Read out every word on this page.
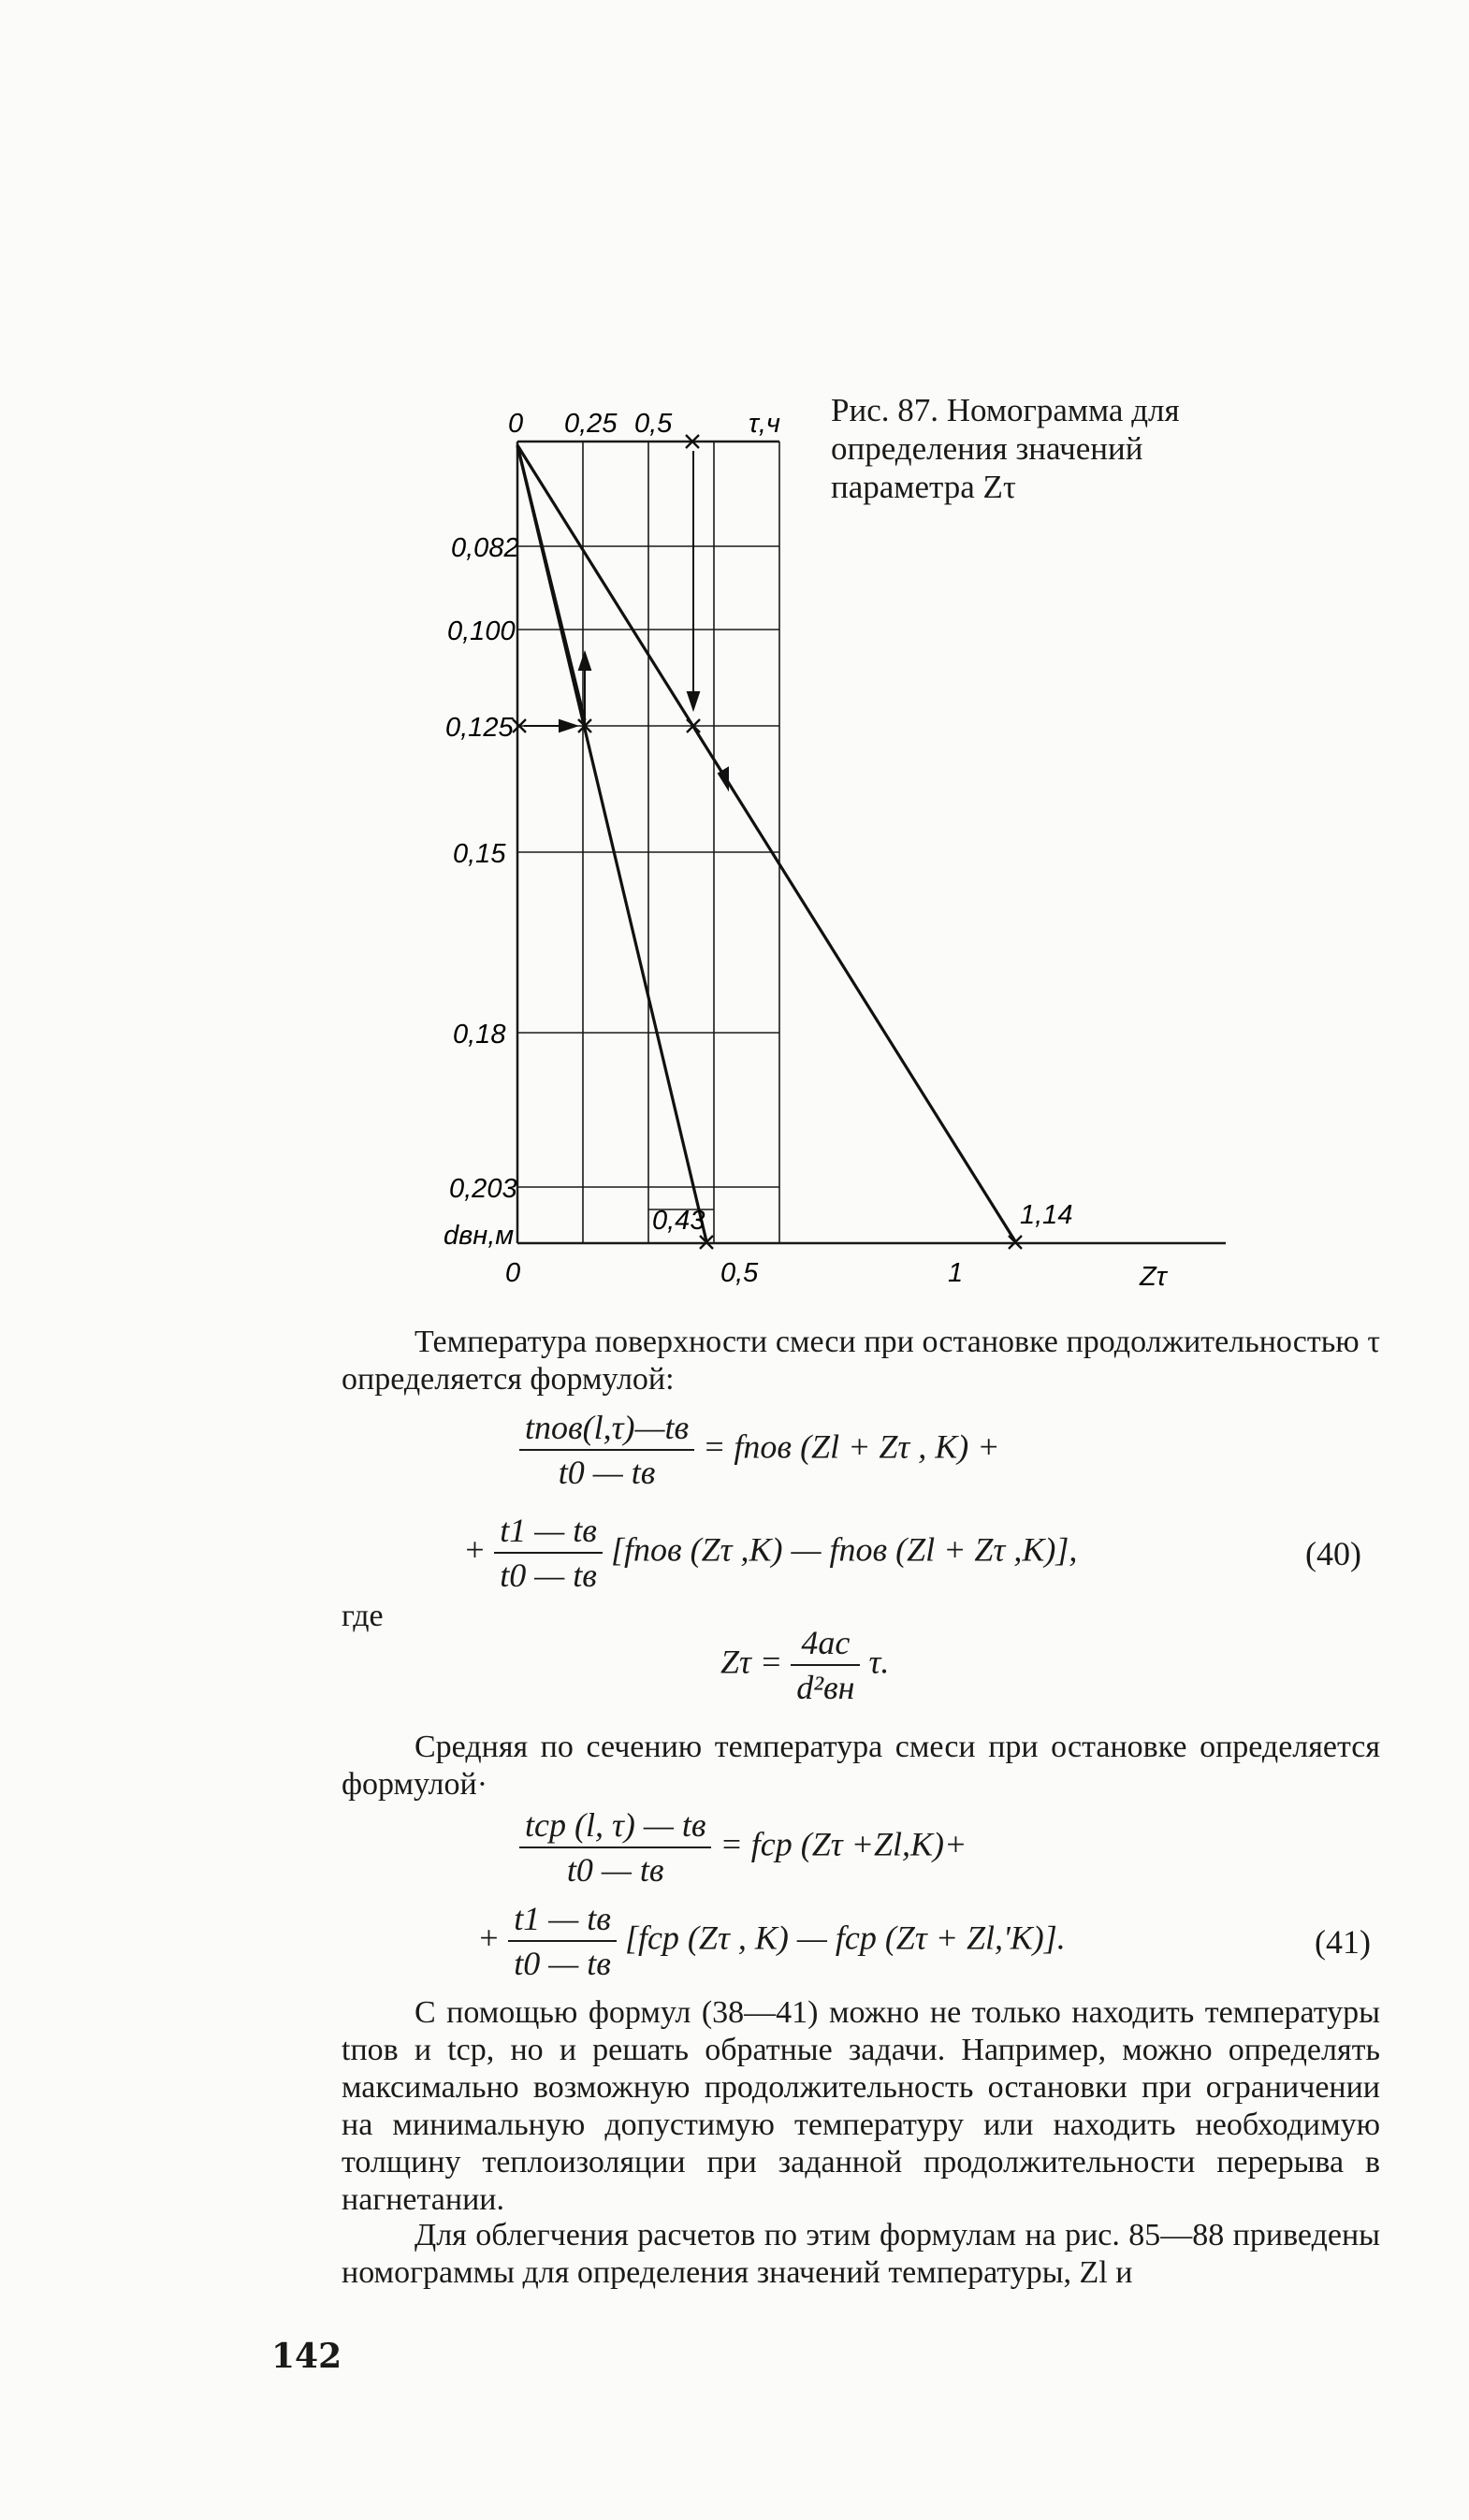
0 0,25 0,5	τ,ч
0,082
0,100
0,125
0,15
0,18
0,203
dвн,м
0	0,5	1	Zτ
0,43	1,14
Рис. 87. Номограмма для определения значений параметра Zτ
Температура поверхности смеси при остановке продолжительностью τ определяется формулой:
$\frac{\text{tпов(l,τ)—tв}}{t0 — tв}$ = fпов (Zl + Zτ , K) +
+ $\frac{t1 — tв}{t0 — tв}$ [fпов (Zτ ,K) — fпов (Zl + Zτ ,K)],	(40)
где
$Z\tau = \frac{4ac}{\text{d²вн}} \tau$.
Средняя по сечению температура смеси при остановке определяется формулой·
$\frac{\text{tср (l, τ) — tв}}{t0 — tв}$ = fср (Zτ +Zl,K)+
+ $\frac{t1 — tв}{t0 — tв} [fср$ (Zτ , K) — fср (Zτ + Zl,'K)].	(41)
С помощью формул (38—41) можно не только находить температуры tпов и tср, но и решать обратные задачи. Например, можно определять максимально возможную продолжительность остановки при ограничении на минимальную допустимую температуру или находить необходимую толщину теплоизоляции при заданной продолжительности перерыва в нагнетании.
Для облегчения расчетов по этим формулам на рис. 85—88 приведены номограммы для определения значений температуры, Zl и
142
